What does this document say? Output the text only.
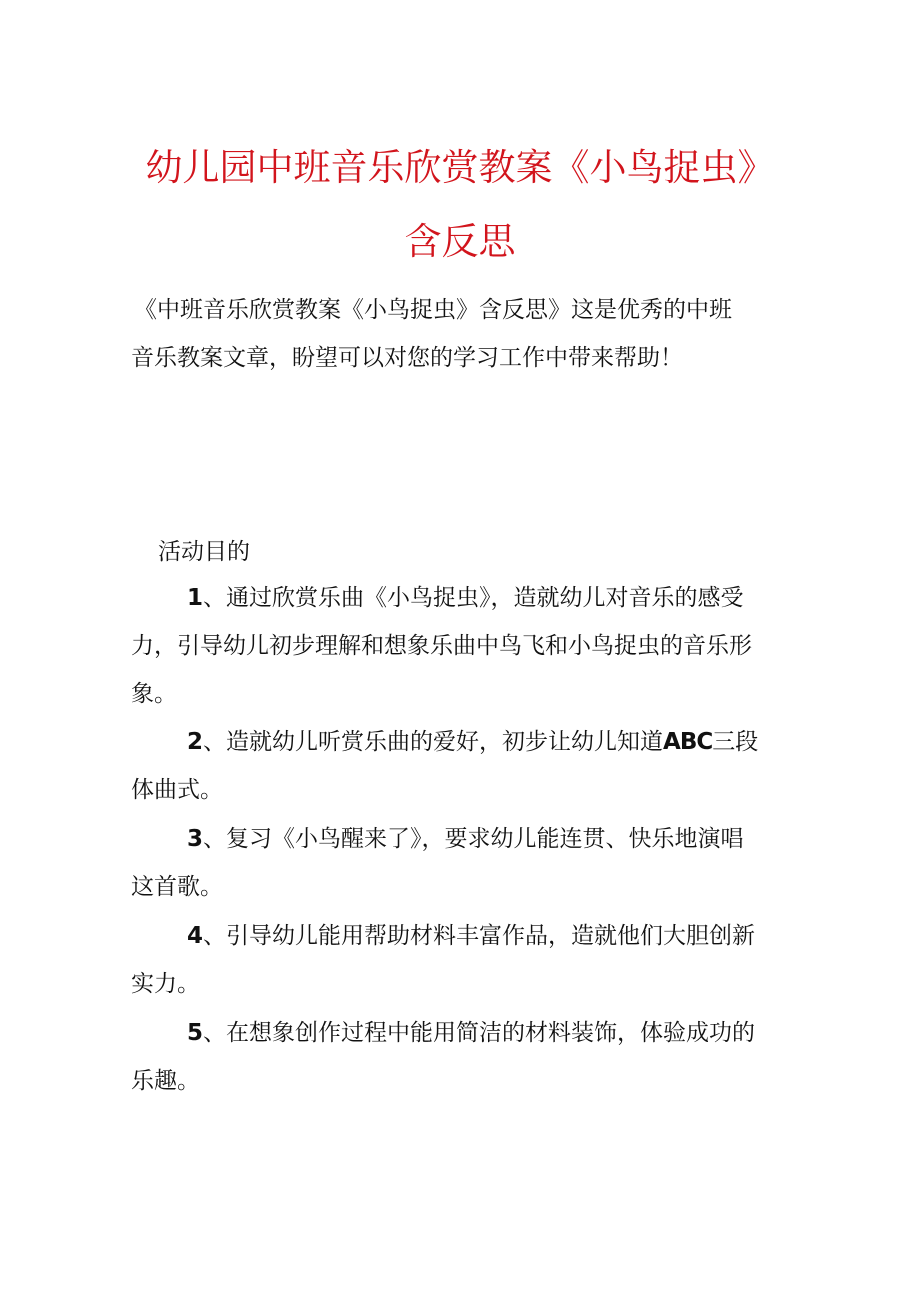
幼儿园中班音乐欣赏教案《小鸟捉虫》
含反思
《中班音乐欣赏教案《小鸟捉虫》含反思》这是优秀的中班
音乐教案文章，盼望可以对您的学习工作中带来帮助！
活动目的
1、通过欣赏乐曲《小鸟捉虫》，造就幼儿对音乐的感受
力，引导幼儿初步理解和想象乐曲中鸟飞和小鸟捉虫的音乐形
象。
2、造就幼儿听赏乐曲的爱好，初步让幼儿知道ABC三段
体曲式。
3、复习《小鸟醒来了》，要求幼儿能连贯、快乐地演唱
这首歌。
4、引导幼儿能用帮助材料丰富作品，造就他们大胆创新
实力。
5、在想象创作过程中能用简洁的材料装饰，体验成功的
乐趣。
